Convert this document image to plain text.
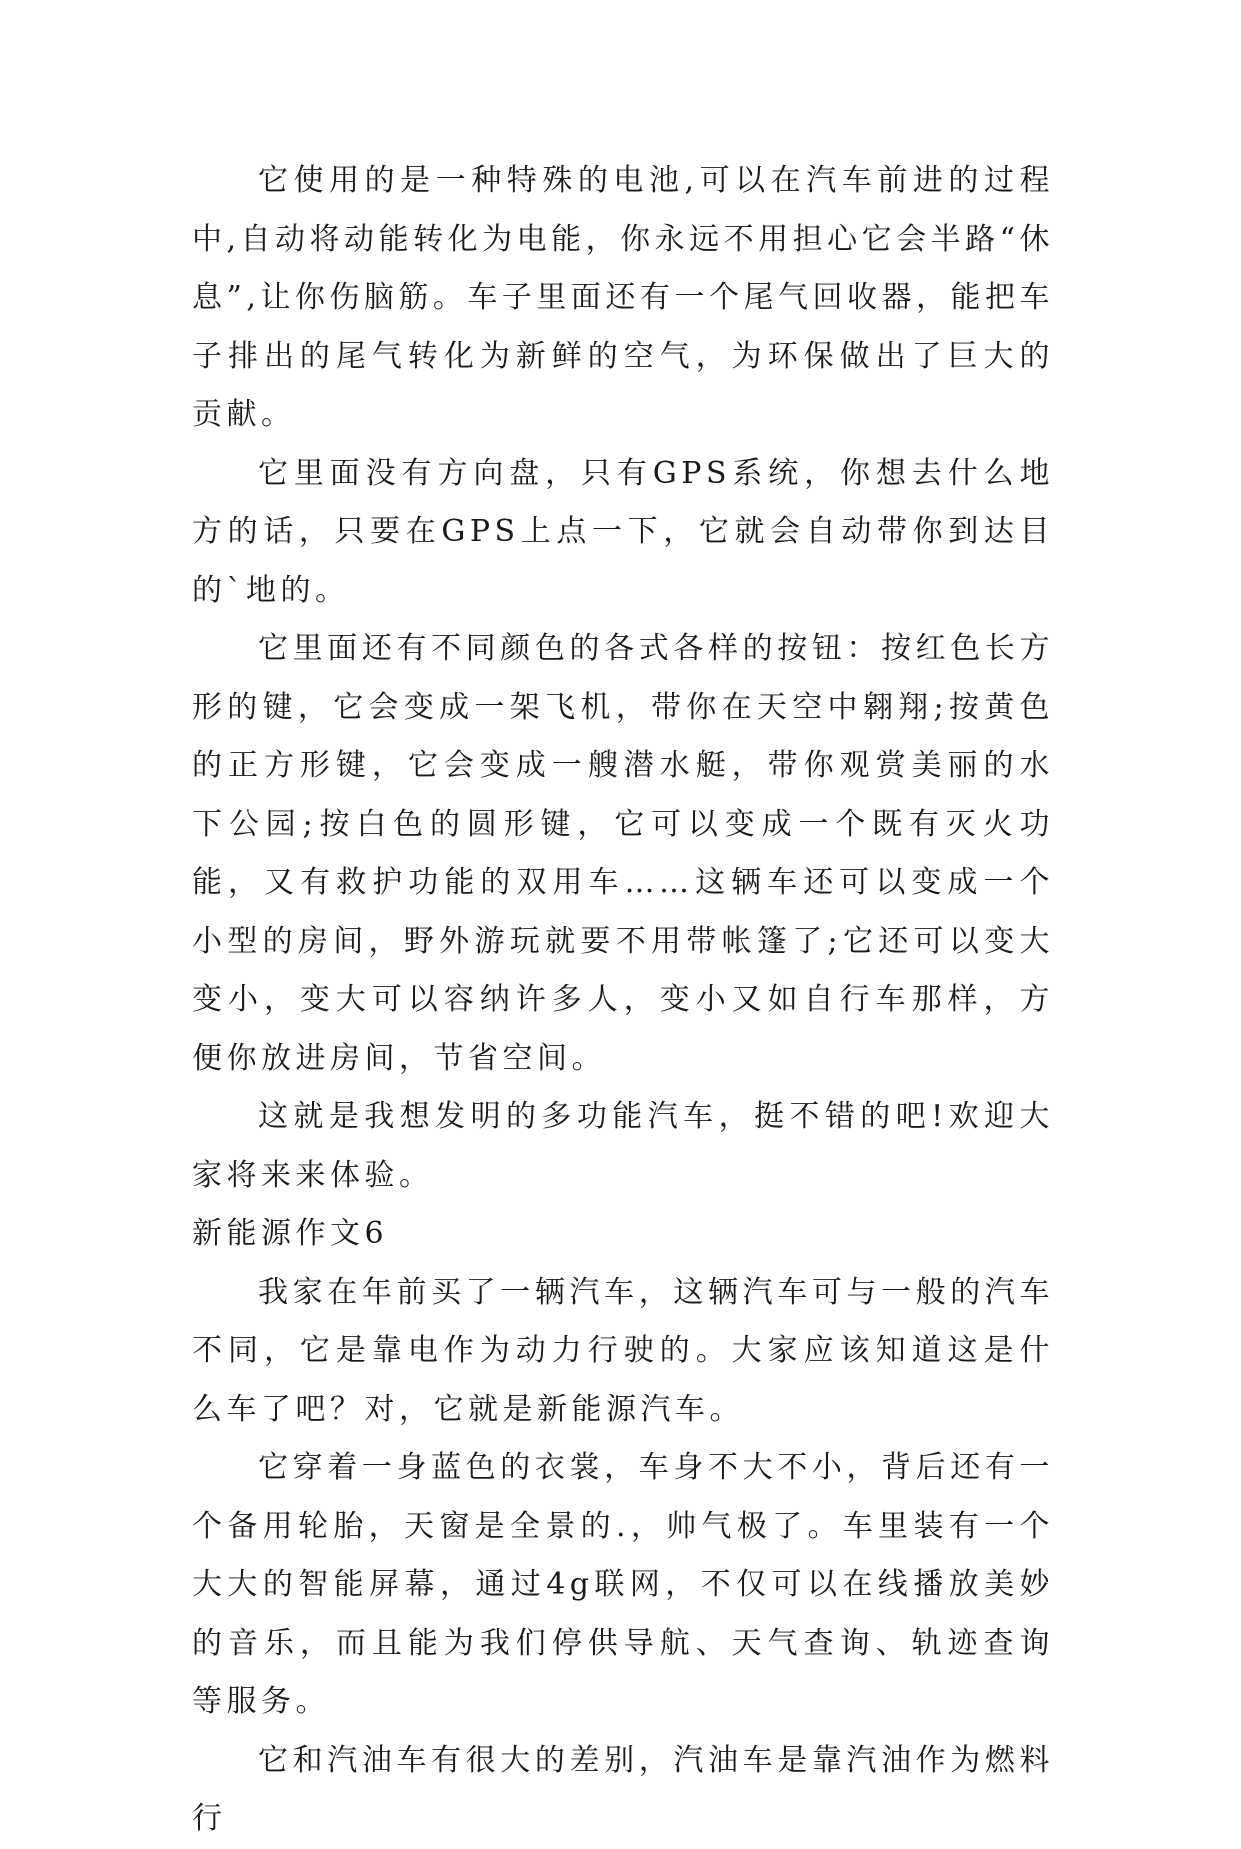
它使用的是一种特殊的电池,可以在汽车前进的过程中,自动将动能转化为电能，你永远不用担心它会半路“休息”,让你伤脑筋。车子里面还有一个尾气回收器，能把车子排出的尾气转化为新鲜的空气，为环保做出了巨大的贡献。

它里面没有方向盘，只有GPS系统，你想去什么地方的话，只要在GPS上点一下，它就会自动带你到达目的`地的。

它里面还有不同颜色的各式各样的按钮：按红色长方形的键，它会变成一架飞机，带你在天空中翱翔;按黄色的正方形键，它会变成一艘潜水艇，带你观赏美丽的水下公园;按白色的圆形键，它可以变成一个既有灭火功能，又有救护功能的双用车……这辆车还可以变成一个小型的房间，野外游玩就要不用带帐篷了;它还可以变大变小，变大可以容纳许多人，变小又如自行车那样，方便你放进房间，节省空间。

这就是我想发明的多功能汽车，挺不错的吧!欢迎大家将来来体验。

新能源作文6

我家在年前买了一辆汽车，这辆汽车可与一般的汽车不同，它是靠电作为动力行驶的。大家应该知道这是什么车了吧？对，它就是新能源汽车。

它穿着一身蓝色的衣裳，车身不大不小，背后还有一个备用轮胎，天窗是全景的.，帅气极了。车里装有一个大大的智能屏幕，通过4g联网，不仅可以在线播放美妙的音乐，而且能为我们停供导航、天气查询、轨迹查询等服务。

它和汽油车有很大的差别，汽油车是靠汽油作为燃料行
